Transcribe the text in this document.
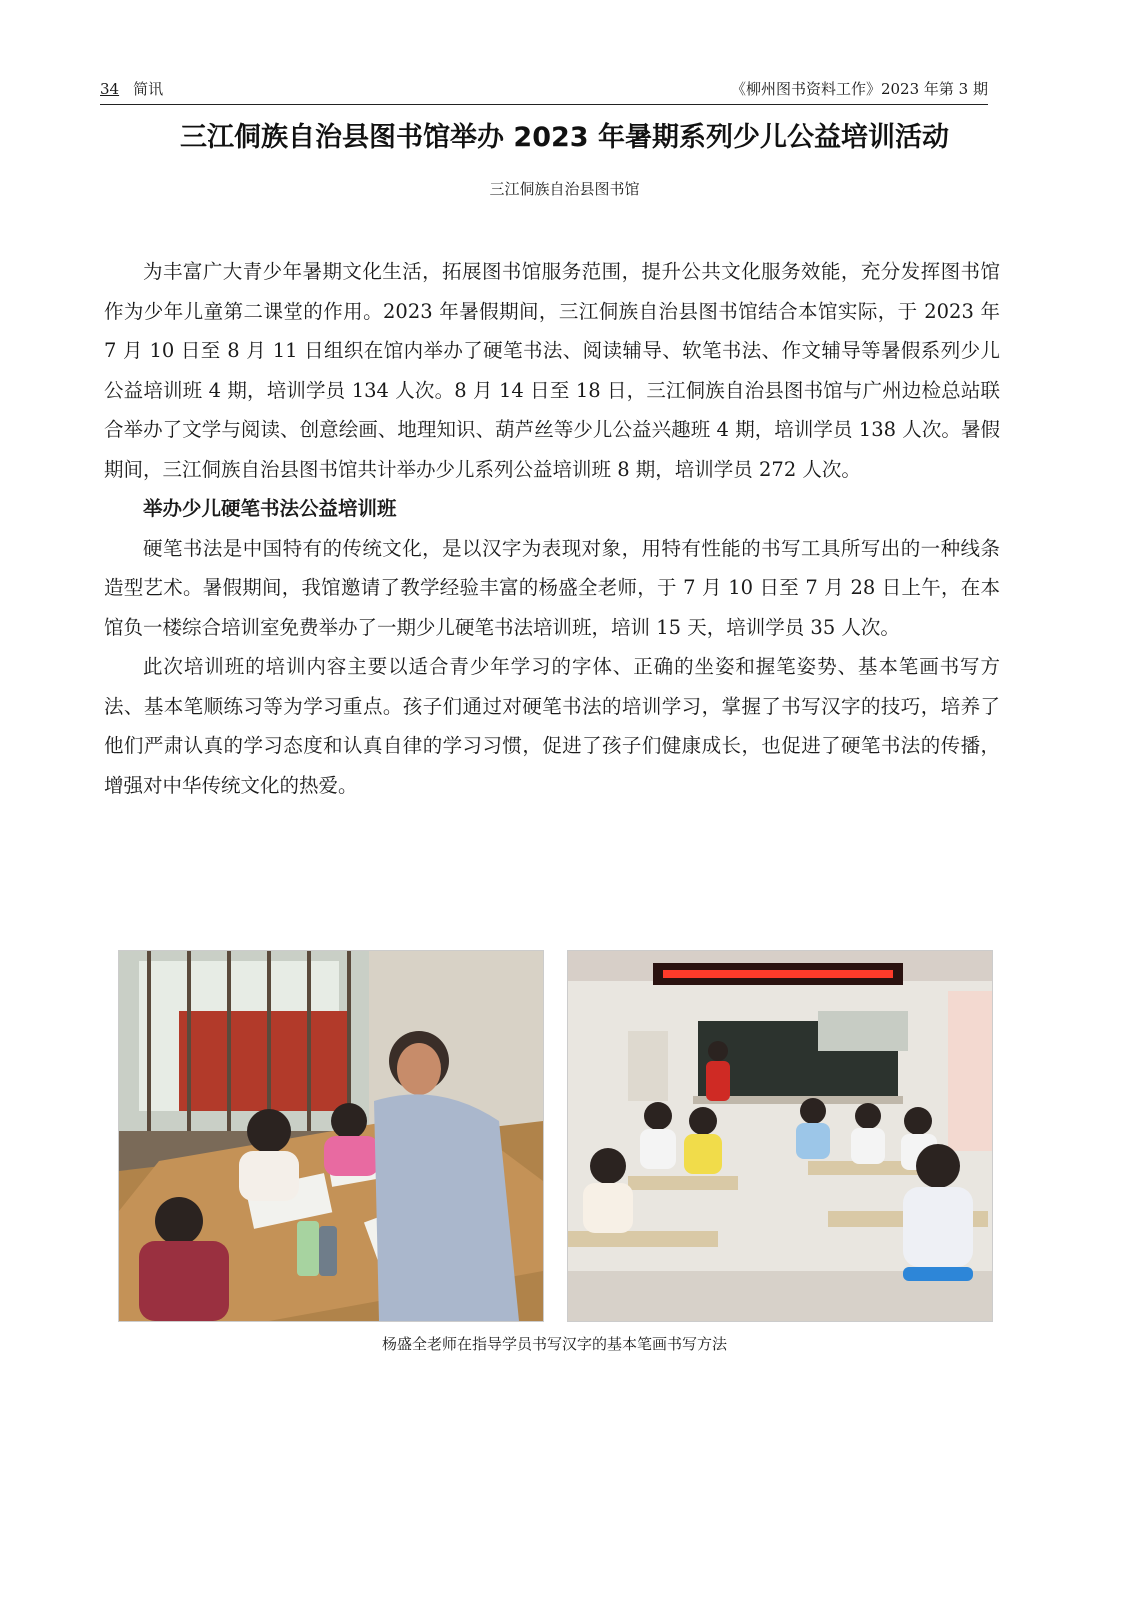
34 简讯	《柳州图书资料工作》2023 年第 3 期
三江侗族自治县图书馆举办 2023 年暑期系列少儿公益培训活动
三江侗族自治县图书馆

为丰富广大青少年暑期文化生活，拓展图书馆服务范围，提升公共文化服务效能，充分发挥图书馆作为少年儿童第二课堂的作用。2023 年暑假期间，三江侗族自治县图书馆结合本馆实际，于 2023 年 7 月 10 日至 8 月 11 日组织在馆内举办了硬笔书法、阅读辅导、软笔书法、作文辅导等暑假系列少儿公益培训班 4 期，培训学员 134 人次。8 月 14 日至 18 日，三江侗族自治县图书馆与广州边检总站联合举办了文学与阅读、创意绘画、地理知识、葫芦丝等少儿公益兴趣班 4 期，培训学员 138 人次。暑假期间，三江侗族自治县图书馆共计举办少儿系列公益培训班 8 期，培训学员 272 人次。

举办少儿硬笔书法公益培训班

硬笔书法是中国特有的传统文化，是以汉字为表现对象，用特有性能的书写工具所写出的一种线条造型艺术。暑假期间，我馆邀请了教学经验丰富的杨盛全老师，于 7 月 10 日至 7 月 28 日上午，在本馆负一楼综合培训室免费举办了一期少儿硬笔书法培训班，培训 15 天，培训学员 35 人次。

此次培训班的培训内容主要以适合青少年学习的字体、正确的坐姿和握笔姿势、基本笔画书写方法、基本笔顺练习等为学习重点。孩子们通过对硬笔书法的培训学习，掌握了书写汉字的技巧，培养了他们严肃认真的学习态度和认真自律的学习习惯，促进了孩子们健康成长，也促进了硬笔书法的传播，增强对中华传统文化的热爱。

杨盛全老师在指导学员书写汉字的基本笔画书写方法
